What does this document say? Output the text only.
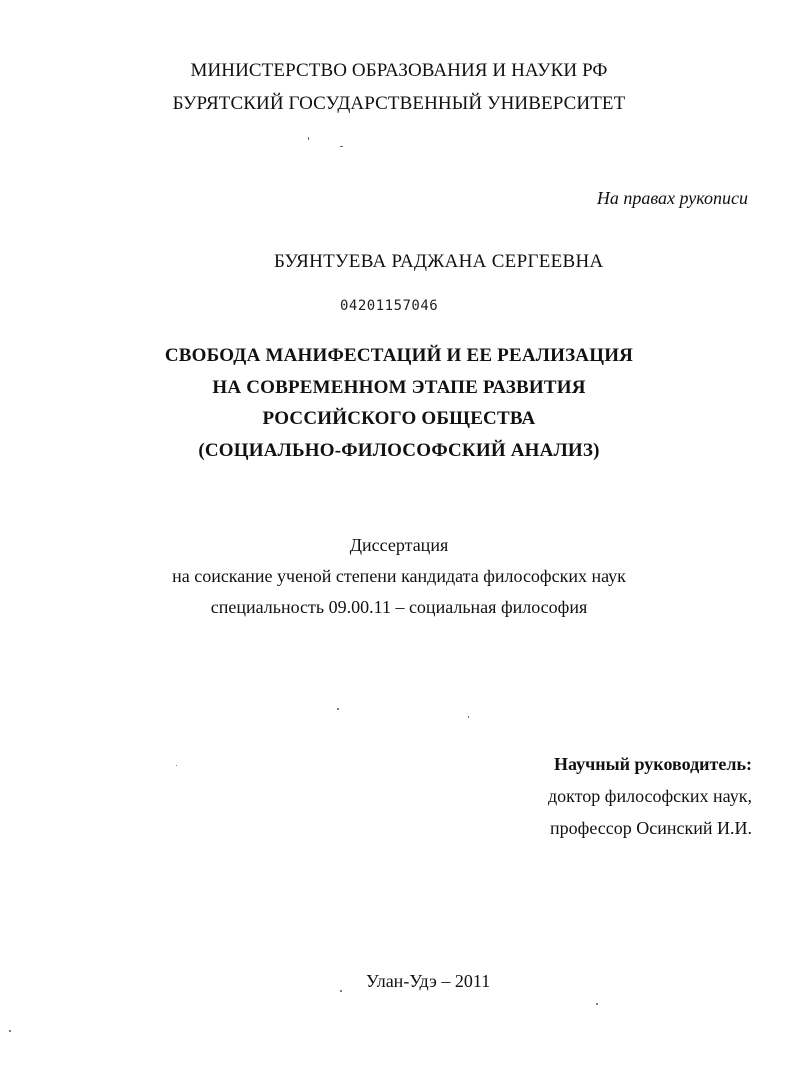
МИНИСТЕРСТВО ОБРАЗОВАНИЯ И НАУКИ РФ
БУРЯТСКИЙ ГОСУДАРСТВЕННЫЙ УНИВЕРСИТЕТ
На правах рукописи
БУЯНТУЕВА РАДЖАНА СЕРГЕЕВНА
04201157046
СВОБОДА МАНИФЕСТАЦИЙ И ЕЕ РЕАЛИЗАЦИЯ
НА СОВРЕМЕННОМ ЭТАПЕ РАЗВИТИЯ
РОССИЙСКОГО ОБЩЕСТВА
(СОЦИАЛЬНО-ФИЛОСОФСКИЙ АНАЛИЗ)
Диссертация
на соискание ученой степени кандидата философских наук
специальность 09.00.11 – социальная философия
Научный руководитель:
доктор философских наук,
профессор Осинский И.И.
Улан-Удэ – 2011
